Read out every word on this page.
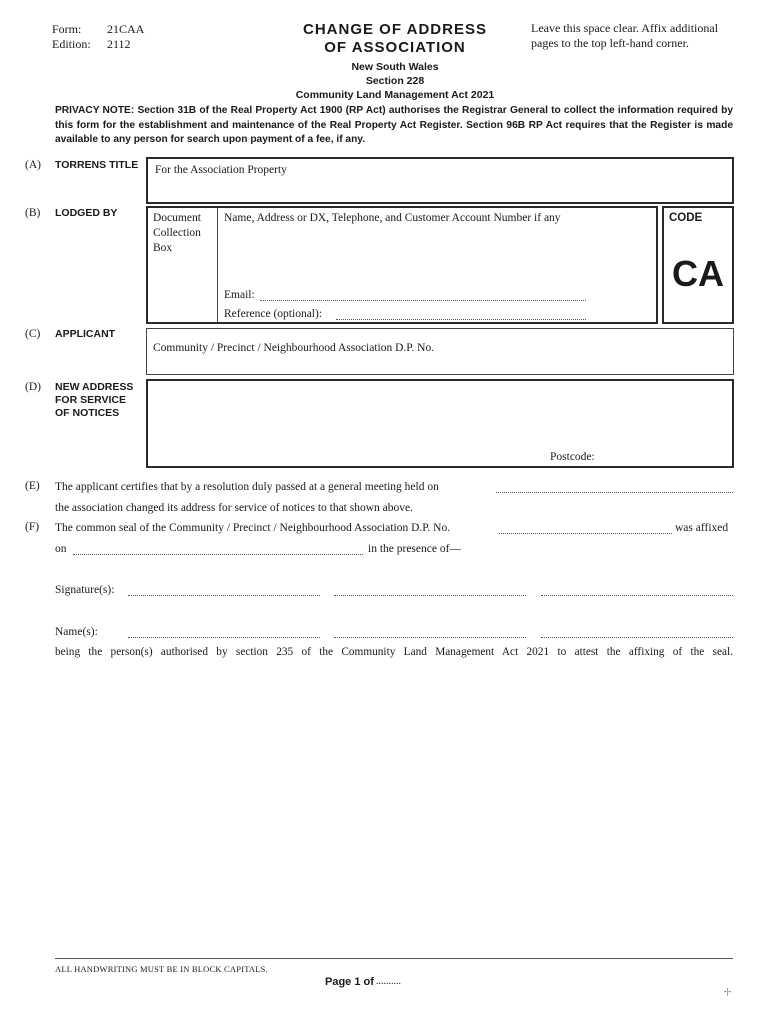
Form: 21CAA
Edition: 2112
CHANGE OF ADDRESS
OF ASSOCIATION
Leave this space clear. Affix additional pages to the top left-hand corner.
New South Wales
Section 228
Community Land Management Act 2021
PRIVACY NOTE: Section 31B of the Real Property Act 1900 (RP Act) authorises the Registrar General to collect the information required by this form for the establishment and maintenance of the Real Property Act Register. Section 96B RP Act requires that the Register is made available to any person for search upon payment of a fee, if any.
(A) TORRENS TITLE For the Association Property
(B) LODGED BY	Document Collection Box
Name, Address or DX, Telephone, and Customer Account Number if any
Email:
Reference (optional):
CODE
CA
(C) APPLICANT
Community / Precinct / Neighbourhood Association D.P. No.
(D) NEW ADDRESS FOR SERVICE OF NOTICES
Postcode:
(E) The applicant certifies that by a resolution duly passed at a general meeting held on
the association changed its address for service of notices to that shown above.
(F) The common seal of the Community / Precinct / Neighbourhood Association D.P. No.	was affixed
on	in the presence of—
Signature(s):
Name(s):
being the person(s) authorised by section 235 of the Community Land Management Act 2021 to attest the affixing of the seal.
ALL HANDWRITING MUST BE IN BLOCK CAPITALS.
Page 1 of ..........
-|-
